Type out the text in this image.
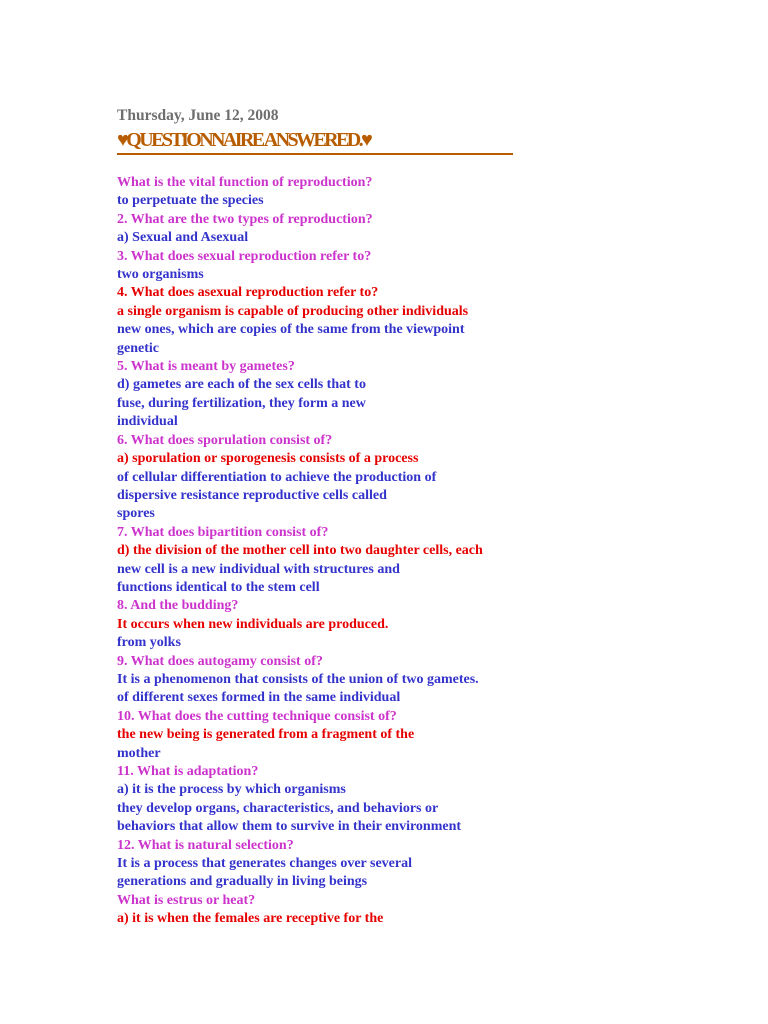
Thursday, June 12, 2008
♥QUESTIONNAIRE ANSWERED.♥
What is the vital function of reproduction?
to perpetuate the species
2. What are the two types of reproduction?
a) Sexual and Asexual
3. What does sexual reproduction refer to?
two organisms
4. What does asexual reproduction refer to?
a single organism is capable of producing other individuals
new ones, which are copies of the same from the viewpoint
genetic
5. What is meant by gametes?
d) gametes are each of the sex cells that to
fuse, during fertilization, they form a new
individual
6. What does sporulation consist of?
a) sporulation or sporogenesis consists of a process
of cellular differentiation to achieve the production of
dispersive resistance reproductive cells called
spores
7. What does bipartition consist of?
d) the division of the mother cell into two daughter cells, each
new cell is a new individual with structures and
functions identical to the stem cell
8. And the budding?
It occurs when new individuals are produced.
from yolks
9. What does autogamy consist of?
It is a phenomenon that consists of the union of two gametes.
of different sexes formed in the same individual
10. What does the cutting technique consist of?
the new being is generated from a fragment of the
mother
11. What is adaptation?
a) it is the process by which organisms
they develop organs, characteristics, and behaviors or
behaviors that allow them to survive in their environment
12. What is natural selection?
It is a process that generates changes over several
generations and gradually in living beings
What is estrus or heat?
a) it is when the females are receptive for the
